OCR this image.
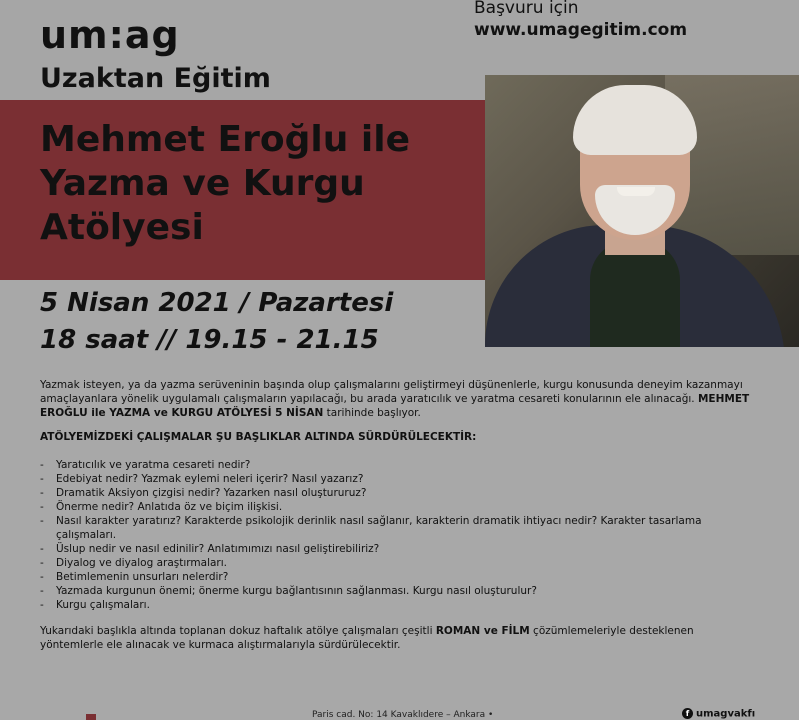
um:ag
Uzaktan Eğitim
Başvuru için
www.umagegitim.com
Mehmet Eroğlu ile
Yazma ve Kurgu
Atölyesi
5 Nisan 2021 / Pazartesi
18 saat // 19.15 - 21.15

Yazmak isteyen, ya da yazma serüveninin başında olup çalışmalarını geliştirmeyi düşünenlerle, kurgu konusunda deneyim kazanmayı amaçlayanlara yönelik uygulamalı çalışmaların yapılacağı, bu arada yaratıcılık ve yaratma cesareti konularının ele alınacağı. MEHMET EROĞLU ile YAZMA ve KURGU ATÖLYESİ 5 NİSAN tarihinde başlıyor.

ATÖLYEMİZDEKİ ÇALIŞMALAR ŞU BAŞLIKLAR ALTINDA SÜRDÜRÜLECEKTİR:

- Yaratıcılık ve yaratma cesareti nedir?
- Edebiyat nedir? Yazmak eylemi neleri içerir? Nasıl yazarız?
- Dramatik Aksiyon çizgisi nedir? Yazarken nasıl oluştururuz?
- Önerme nedir? Anlatıda öz ve biçim ilişkisi.
- Nasıl karakter yaratırız? Karakterde psikolojik derinlik nasıl sağlanır, karakterin dramatik ihtiyacı nedir? Karakter tasarlama çalışmaları.
- Üslup nedir ve nasıl edinilir? Anlatımımızı nasıl geliştirebiliriz?
- Diyalog ve diyalog araştırmaları.
- Betimlemenin unsurları nelerdir?
- Yazmada kurgunun önemi; önerme kurgu bağlantısının sağlanması. Kurgu nasıl oluşturulur?
- Kurgu çalışmaları.

Yukarıdaki başlıkla altında toplanan dokuz haftalık atölye çalışmaları çeşitli ROMAN ve FİLM çözümlemeleriyle desteklenen yöntemlerle ele alınacak ve kurmaca alıştırmalarıyla sürdürülecektir.

Paris cad. No: 14 Kavaklıdere – Ankara •	f umagvakfı
